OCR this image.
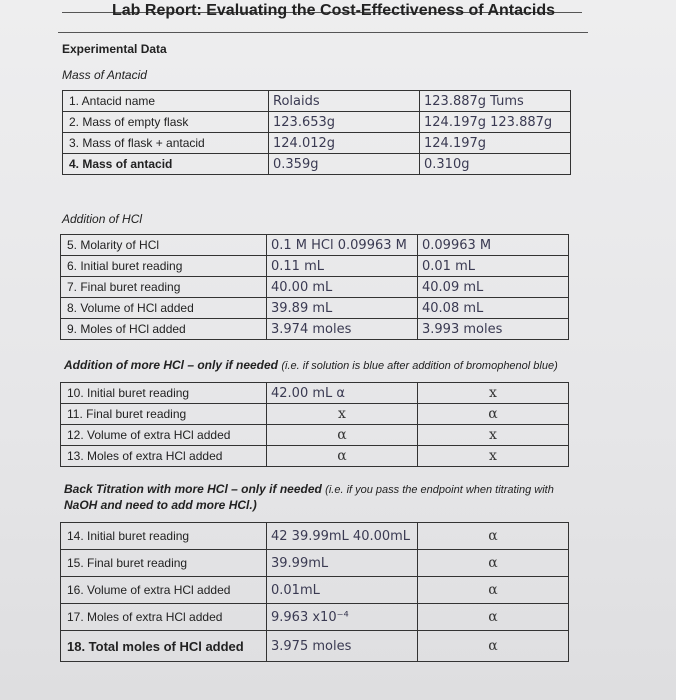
Lab Report: Evaluating the Cost-Effectiveness of Antacids
Experimental Data
Mass of Antacid
1. Antacid name	Rolaids	123.887g Tums

2. Mass of empty flask	123.653g	124.197g 123.887g

3. Mass of flask + antacid	124.012g	124.197g

4. Mass of antacid	0.359g	0.310g
Addition of HCl
5. Molarity of HCl	0.1 M HCl 0.09963 M	0.09963 M

6. Initial buret reading	0.11 mL	0.01 mL

7. Final buret reading	40.00 mL	40.09 mL

8. Volume of HCl added	39.89 mL	40.08 mL

9. Moles of HCl added	3.974 moles	3.993 moles
Addition of more HCl – only if needed (i.e. if solution is blue after addition of bromophenol blue)
10. Initial buret reading	42.00 mL α	x

11. Final buret reading	x	α

12. Volume of extra HCl added	α	x

13. Moles of extra HCl added	α	x
Back Titration with more HCl – only if needed (i.e. if you pass the endpoint when titrating with
NaOH and need to add more HCl.)
14. Initial buret reading	42 39.99mL 40.00mL	α

15. Final buret reading	39.99mL	α

16. Volume of extra HCl added	0.01mL	α

17. Moles of extra HCl added	9.963 x10⁻⁴	α

18. Total moles of HCl added	3.975 moles	α
